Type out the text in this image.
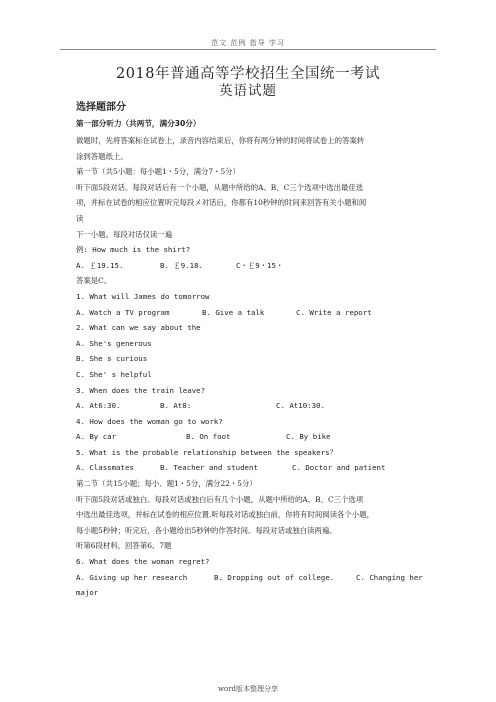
范文 范例 指导 学习
2018年普通高等学校招生全国统一考试
英语试题
选择题部分
第一部分听力（共两节，满分30分）
做题时，先将答案标在试卷上，录音内容结束后，你将有两分钟的时间将试卷上的答案转
涂到答题纸上。
第一节（共5小题：每小题1・5分，满分7・5分）
听下面5段对话。每段对话后有一个小题，从题中所给的A、B、C三个选项中选出最佳选
项，并标在试卷的相应位置听完每段メ对话后，你都有10秒钟的时间来回答有关小题和阅
读
下一小题。每段对话仅读一遍
例: How much is the shirt?
A. ￡19.15.	B. ￡9.18.	C・￡9・15・
答案是C。
1. What will James do tomorrow
A. Watch a TV program	B. Give a talk	C. Write a report
2. What can we say about the
A. She's generous
B. She s curious
C. She' s helpful
3. When does the train leave?
A. At6:30.	B. At8:	C. At10:30.
4. How does the woman go to work?
A. By car	B. On foot	C. By bike
5. What is the probable relationship between the speakers？
A. Classmates	B. Teacher and student	C. Doctor and patient
第二节（共15小题；每小、题1・5分，满分22・5分）
听下面5段对话或独白。每段对话或独白后有几个小题，从题中所给的A、B、C三个选项
中选出最佳选项，并标在试卷的相应位置.听每段对话或独白前，你将有时间阅读各个小题，
每小题5秒钟；听完后，各小题给出5秒钟的作答时间。每段对话或独白读两遍。
听第6段材料，回答第6、7题
6. What does the woman regret?
A. Giving up her research	B. Dropping out of college.	C. Changing her
major
word版本整理分享
